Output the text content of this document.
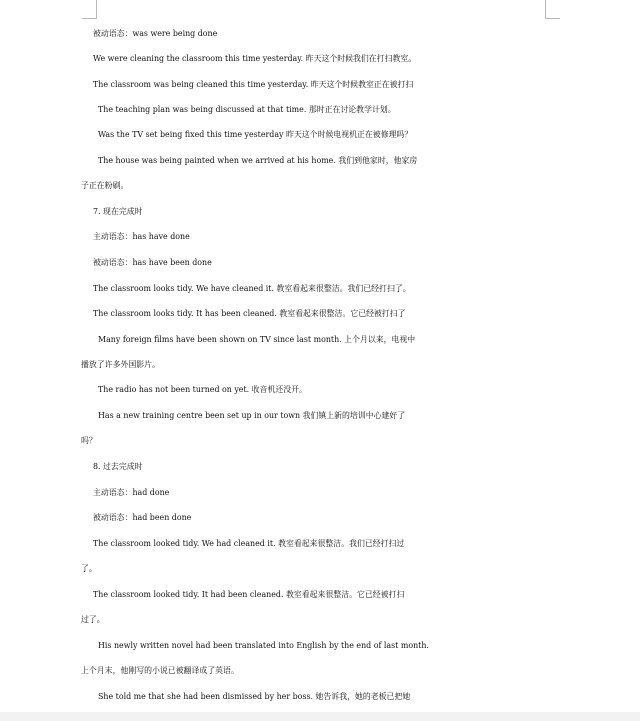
被动语态：was were being done
We were cleaning the classroom this time yesterday. 昨天这个时候我们在打扫教室。
The classroom was being cleaned this time yesterday. 昨天这个时候教室正在被打扫
The teaching plan was being discussed at that time. 那时正在讨论教学计划。
Was the TV set being fixed this time yesterday 昨天这个时候电视机正在被修理吗？
The house was being painted when we arrived at his home. 我们到他家时，他家房
子正在粉刷。
7. 现在完成时
主动语态：has have done
被动语态：has have been done
The classroom looks tidy. We have cleaned it. 教室看起来很整洁。我们已经打扫了。
The classroom looks tidy. It has been cleaned. 教室看起来很整洁。它已经被打扫了
Many foreign films have been shown on TV since last month. 上个月以来，电视中
播放了许多外国影片。
The radio has not been turned on yet. 收音机还没开。
Has a new training centre been set up in our town 我们镇上新的培训中心建好了
吗？
8. 过去完成时
主动语态：had done
被动语态：had been done
The classroom looked tidy. We had cleaned it. 教室看起来很整洁。我们已经打扫过
了。
The classroom looked tidy. It had been cleaned. 教室看起来很整洁。它已经被打扫
过了。
His newly written novel had been translated into English by the end of last month.
上个月末，他刚写的小说已被翻译成了英语。
She told me that she had been dismissed by her boss. 她告诉我，她的老板已把她
